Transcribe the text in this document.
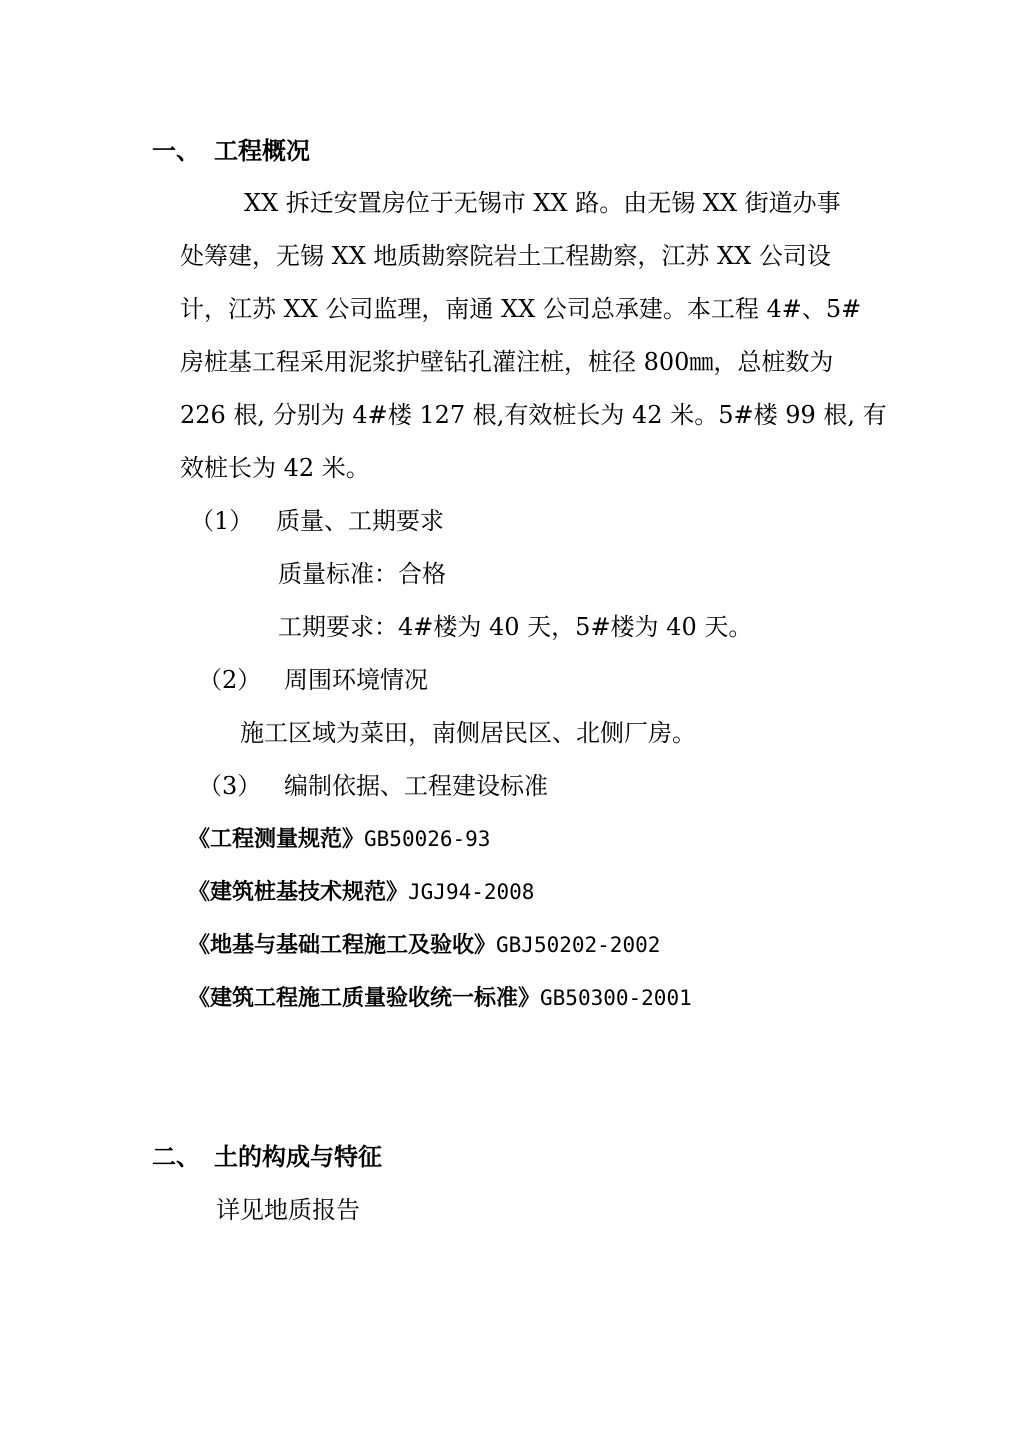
一、 工程概况
XX 拆迁安置房位于无锡市 XX 路。由无锡 XX 街道办事
处筹建，无锡 XX 地质勘察院岩土工程勘察，江苏 XX 公司设
计，江苏 XX 公司监理，南通 XX 公司总承建。本工程 4#、5#
房桩基工程采用泥浆护壁钻孔灌注桩，桩径 800㎜，总桩数为
226 根, 分别为 4#楼 127 根,有效桩长为 42 米。5#楼 99 根, 有
效桩长为 42 米。
（1） 质量、工期要求
质量标准：合格
工期要求：4#楼为 40 天，5#楼为 40 天。
（2） 周围环境情况
施工区域为菜田，南侧居民区、北侧厂房。
（3） 编制依据、工程建设标准
《工程测量规范》GB50026-93
《建筑桩基技术规范》JGJ94-2008
《地基与基础工程施工及验收》GBJ50202-2002
《建筑工程施工质量验收统一标准》GB50300-2001
二、 土的构成与特征
详见地质报告
